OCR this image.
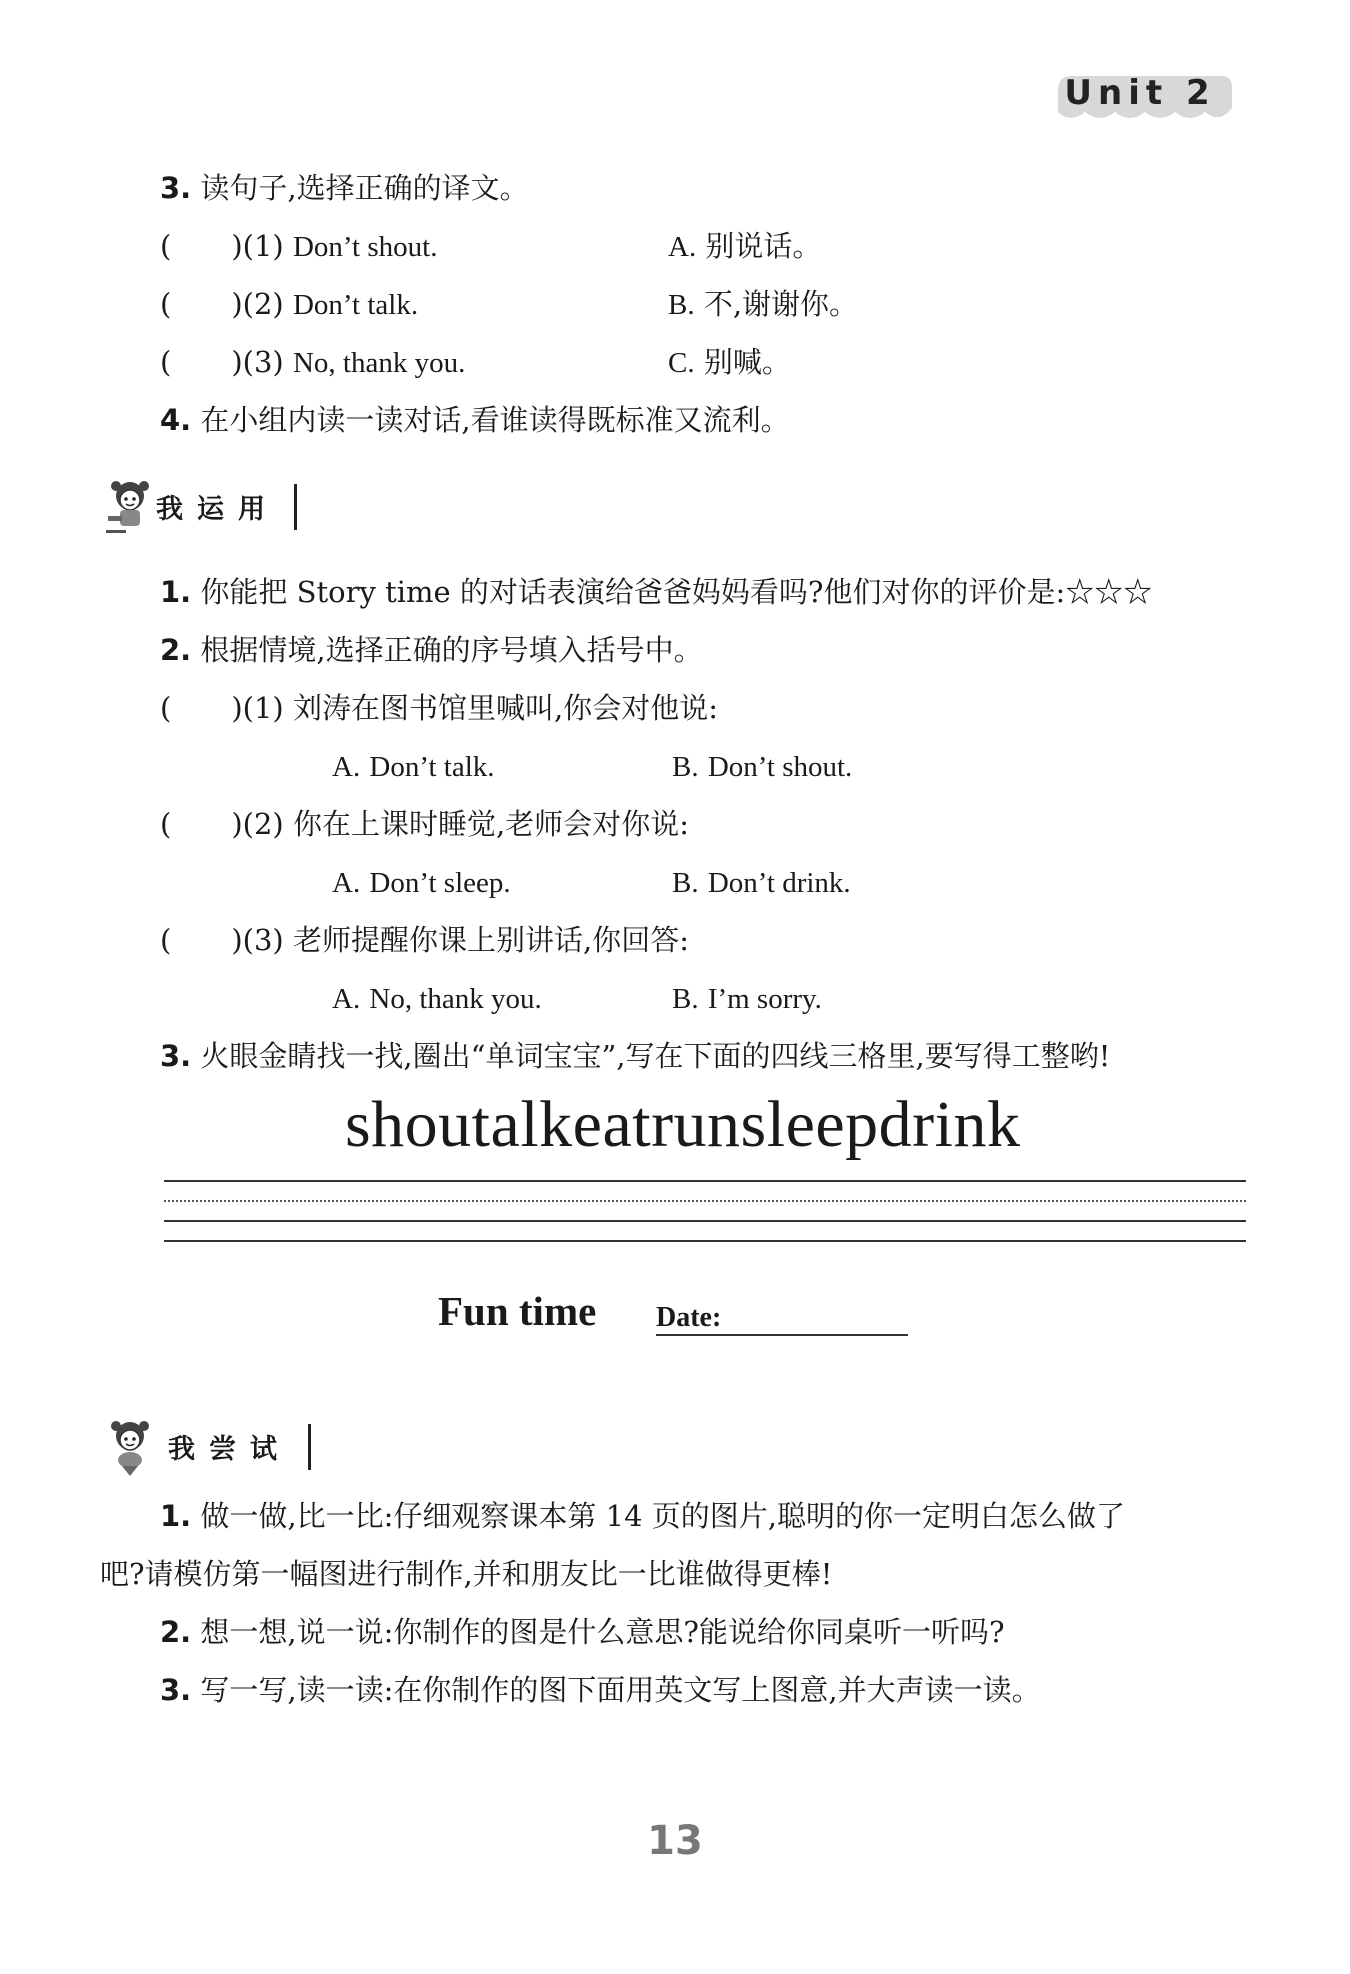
Unit 2
3. 读句子,选择正确的译文。
( )(1) Don’t shout.	A. 别说话。
( )(2) Don’t talk.	B. 不,谢谢你。
( )(3) No, thank you.	C. 别喊。
4. 在小组内读一读对话,看谁读得既标准又流利。
我运用
1. 你能把 Story time 的对话表演给爸爸妈妈看吗?他们对你的评价是:☆☆☆
2. 根据情境,选择正确的序号填入括号中。
( )(1) 刘涛在图书馆里喊叫,你会对他说:
A. Don’t talk.	B. Don’t shout.
( )(2) 你在上课时睡觉,老师会对你说:
A. Don’t sleep.	B. Don’t drink.
( )(3) 老师提醒你课上别讲话,你回答:
A. No, thank you.	B. I’m sorry.
3. 火眼金睛找一找,圈出“单词宝宝”,写在下面的四线三格里,要写得工整哟!
shoutalkeatrunsleepdrink
Fun time Date:
我尝试
1. 做一做,比一比:仔细观察课本第 14 页的图片,聪明的你一定明白怎么做了
吧?请模仿第一幅图进行制作,并和朋友比一比谁做得更棒!
2. 想一想,说一说:你制作的图是什么意思?能说给你同桌听一听吗?
3. 写一写,读一读:在你制作的图下面用英文写上图意,并大声读一读。
13
